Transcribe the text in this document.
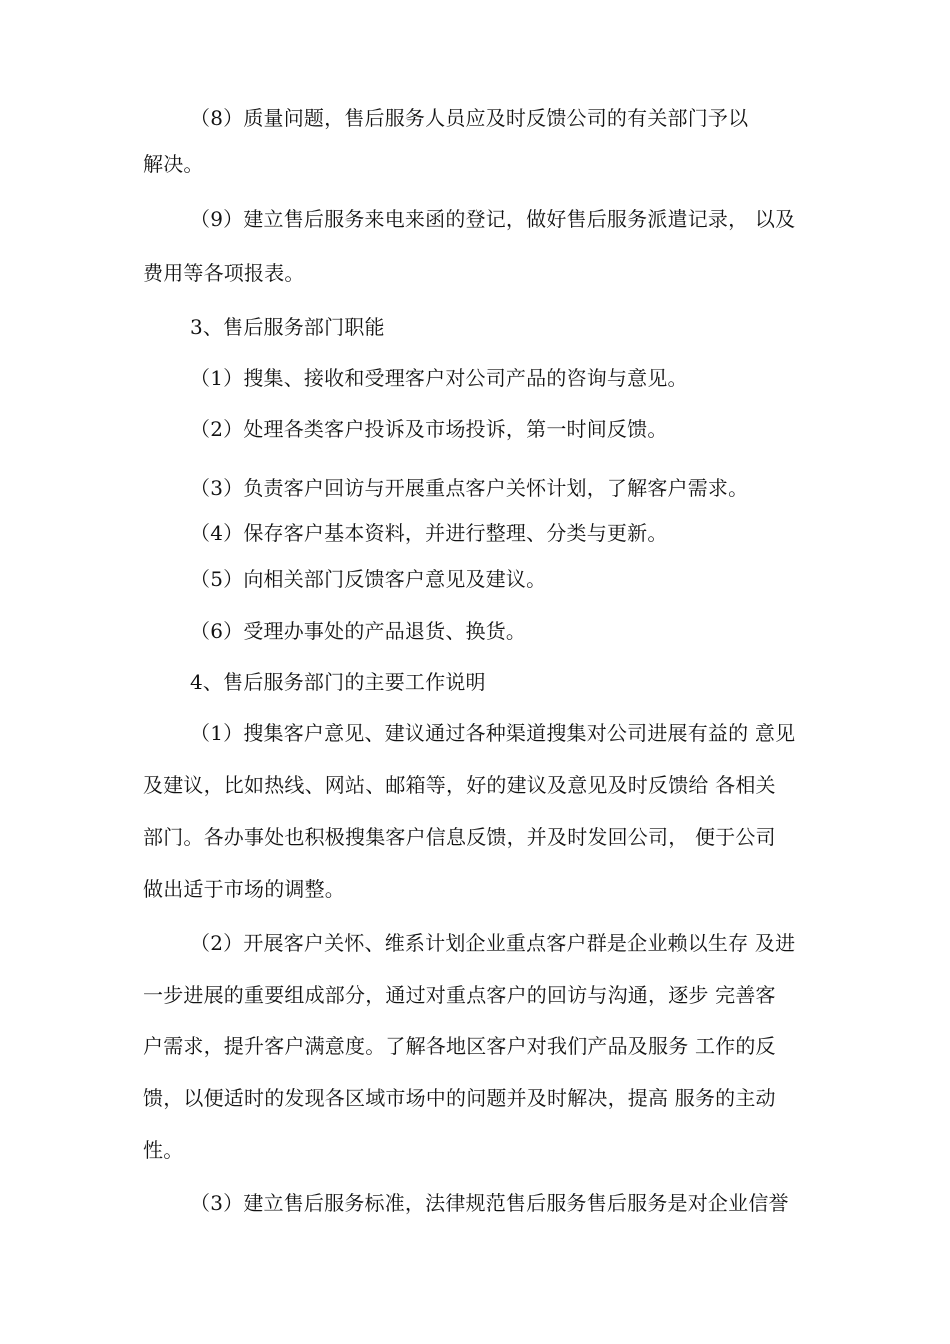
（8）质量问题，售后服务人员应及时反馈公司的有关部门予以
解决。
（9）建立售后服务来电来函的登记，做好售后服务派遣记录， 以及
费用等各项报表。
3、售后服务部门职能
（1）搜集、接收和受理客户对公司产品的咨询与意见。
（2）处理各类客户投诉及市场投诉，第一时间反馈。
（3）负责客户回访与开展重点客户关怀计划，了解客户需求。
（4）保存客户基本资料，并进行整理、分类与更新。
（5）向相关部门反馈客户意见及建议。
（6）受理办事处的产品退货、换货。
4、售后服务部门的主要工作说明
（1）搜集客户意见、建议通过各种渠道搜集对公司进展有益的 意见
及建议，比如热线、网站、邮箱等，好的建议及意见及时反馈给 各相关
部门。各办事处也积极搜集客户信息反馈，并及时发回公司， 便于公司
做出适于市场的调整。
（2）开展客户关怀、维系计划企业重点客户群是企业赖以生存 及进
一步进展的重要组成部分，通过对重点客户的回访与沟通，逐步 完善客
户需求，提升客户满意度。了解各地区客户对我们产品及服务 工作的反
馈，以便适时的发现各区域市场中的问题并及时解决，提高 服务的主动
性。
（3）建立售后服务标准，法律规范售后服务售后服务是对企业信誉
